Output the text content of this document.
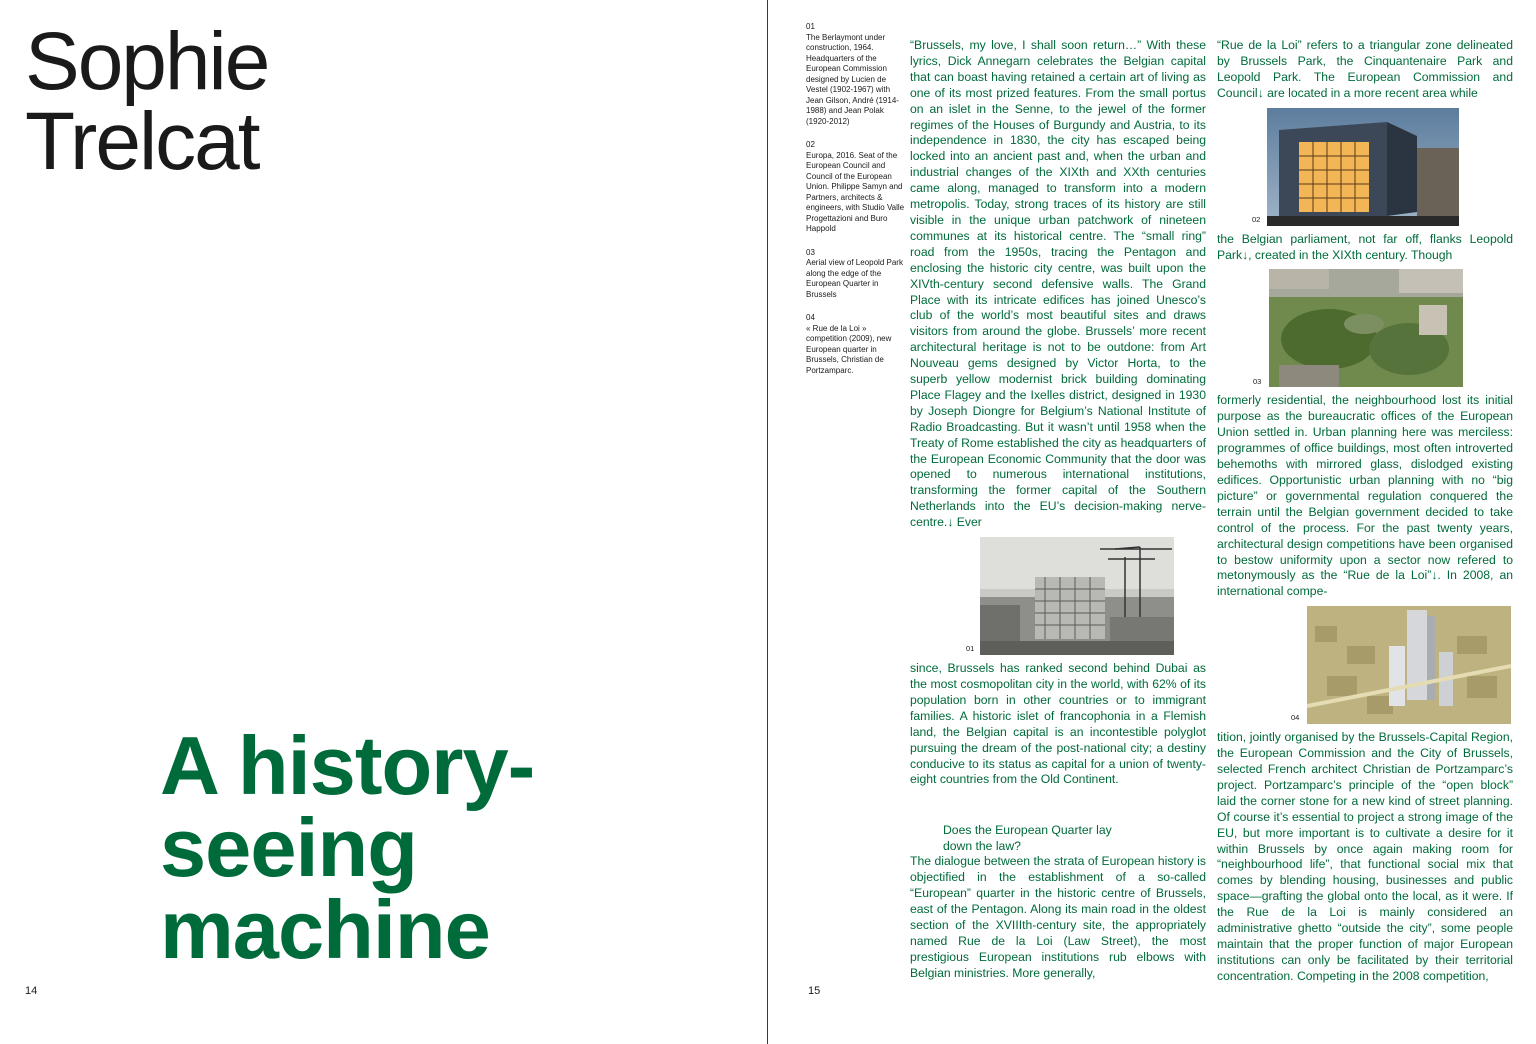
Sophie
Trelcat
A history-
seeing
machine
14
01
The Berlaymont under construction, 1964. Headquarters of the European Commission designed by Lucien de Vestel (1902-1967) with Jean Gilson, André (1914-1988) and Jean Polak (1920-2012)
02
Europa, 2016. Seat of the European Council and Council of the European Union. Philippe Samyn and Partners, architects & engineers, with Studio Valle Progettazioni and Buro Happold
03
Aerial view of Leopold Park along the edge of the European Quarter in Brussels
04
« Rue de la Loi » competition (2009), new European quarter in Brussels, Christian de Portzamparc.

“Brussels, my love, I shall soon return…” With these lyrics, Dick Annegarn celebrates the Belgian capital that can boast having retained a certain art of living as one of its most prized features. From the small portus on an islet in the Senne, to the jewel of the former regimes of the Houses of Burgundy and Austria, to its independence in 1830, the city has escaped being locked into an ancient past and, when the urban and industrial changes of the XIXth and XXth centuries came along, managed to transform into a modern metropolis. Today, strong traces of its history are still visible in the unique urban patchwork of nineteen communes at its historical centre. The “small ring” road from the 1950s, tracing the Pentagon and enclosing the historic city centre, was built upon the XIVth-century second defensive walls. The Grand Place with its intricate edifices has joined Unesco’s club of the world’s most beautiful sites and draws visitors from around the globe. Brussels’ more recent architectural heritage is not to be outdone: from Art Nouveau gems designed by Victor Horta, to the superb yellow modernist brick building dominating Place Flagey and the Ixelles district, designed in 1930 by Joseph Diongre for Belgium’s National Institute of Radio Broadcasting. But it wasn’t until 1958 when the Treaty of Rome established the city as headquarters of the European Economic Community that the door was opened to numerous international institutions, transforming the former capital of the Southern Netherlands into the EU’s decision-making nerve-centre.↓ Ever

01

since, Brussels has ranked second behind Dubai as the most cosmopolitan city in the world, with 62% of its population born in other countries or to immigrant families. A historic islet of francophonia in a Flemish land, the Belgian capital is an incontestible polyglot pursuing the dream of the post-national city; a destiny conducive to its status as capital for a union of twenty-eight countries from the Old Continent.

Does the European Quarter lay
down the law?

The dialogue between the strata of European history is objectified in the establishment of a so-called “European” quarter in the historic centre of Brussels, east of the Pentagon. Along its main road in the oldest section of the XVIIIth-century site, the appropriately named Rue de la Loi (Law Street), the most prestigious European institutions rub elbows with Belgian ministries. More generally,

“Rue de la Loi” refers to a triangular zone delineated by Brussels Park, the Cinquantenaire Park and Leopold Park. The European Commission and Council↓ are located in a more recent area while

02

the Belgian parliament, not far off, flanks Leopold Park↓, created in the XIXth century. Though

03

formerly residential, the neighbourhood lost its initial purpose as the bureaucratic offices of the European Union settled in. Urban planning here was merciless: programmes of office buildings, most often introverted behemoths with mirrored glass, dislodged existing edifices. Opportunistic urban planning with no “big picture” or governmental regulation conquered the terrain until the Belgian government decided to take control of the process. For the past twenty years, architectural design competitions have been organised to bestow uniformity upon a sector now refered to metonymously as the “Rue de la Loi”↓. In 2008, an international compe-

04

tition, jointly organised by the Brussels-Capital Region, the European Commission and the City of Brussels, selected French architect Christian de Portzamparc’s project. Portzamparc’s principle of the “open block” laid the corner stone for a new kind of street planning. Of course it’s essential to project a strong image of the EU, but more important is to cultivate a desire for it within Brussels by once again making room for “neighbourhood life”, that functional social mix that comes by blending housing, businesses and public space—grafting the global onto the local, as it were. If the Rue de la Loi is mainly considered an administrative ghetto “outside the city”, some people maintain that the proper function of major European institutions can only be facilitated by their territorial concentration. Competing in the 2008 competition,

15
